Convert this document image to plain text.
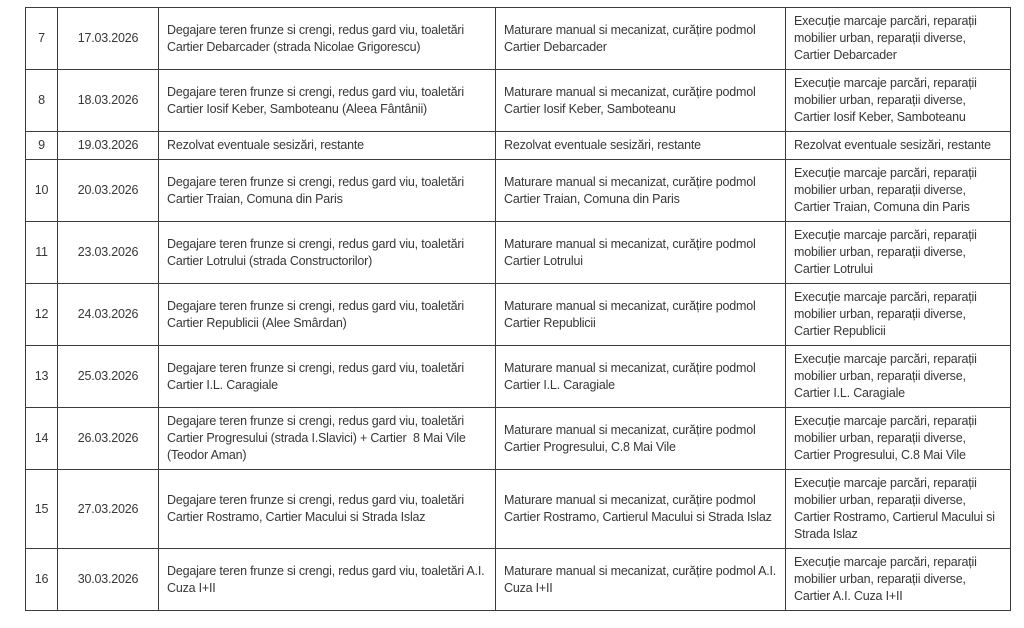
7	17.03.2026	Degajare teren frunze si crengi, redus gard viu, toaletări Cartier Debarcader (strada Nicolae Grigorescu)	Maturare manual si mecanizat, curățire podmol Cartier Debarcader	Execuție marcaje parcări, reparații mobilier urban, reparații diverse, Cartier Debarcader
8	18.03.2026	Degajare teren frunze si crengi, redus gard viu, toaletări Cartier Iosif Keber, Samboteanu (Aleea Fântânii)	Maturare manual si mecanizat, curățire podmol Cartier Iosif Keber, Samboteanu	Execuție marcaje parcări, reparații mobilier urban, reparații diverse, Cartier Iosif Keber, Samboteanu
9	19.03.2026	Rezolvat eventuale sesizări, restante	Rezolvat eventuale sesizări, restante	Rezolvat eventuale sesizări, restante
10	20.03.2026	Degajare teren frunze si crengi, redus gard viu, toaletări Cartier Traian, Comuna din Paris	Maturare manual si mecanizat, curățire podmol Cartier Traian, Comuna din Paris	Execuție marcaje parcări, reparații mobilier urban, reparații diverse, Cartier Traian, Comuna din Paris
11	23.03.2026	Degajare teren frunze si crengi, redus gard viu, toaletări Cartier Lotrului (strada Constructorilor)	Maturare manual si mecanizat, curățire podmol Cartier Lotrului	Execuție marcaje parcări, reparații mobilier urban, reparații diverse, Cartier Lotrului
12	24.03.2026	Degajare teren frunze si crengi, redus gard viu, toaletări Cartier Republicii (Alee Smârdan)	Maturare manual si mecanizat, curățire podmol Cartier Republicii	Execuție marcaje parcări, reparații mobilier urban, reparații diverse, Cartier Republicii
13	25.03.2026	Degajare teren frunze si crengi, redus gard viu, toaletări Cartier I.L. Caragiale	Maturare manual si mecanizat, curățire podmol Cartier I.L. Caragiale	Execuție marcaje parcări, reparații mobilier urban, reparații diverse, Cartier I.L. Caragiale
14	26.03.2026	Degajare teren frunze si crengi, redus gard viu, toaletări Cartier Progresului (strada I.Slavici) + Cartier  8 Mai Vile (Teodor Aman)	Maturare manual si mecanizat, curățire podmol Cartier Progresului, C.8 Mai Vile	Execuție marcaje parcări, reparații mobilier urban, reparații diverse, Cartier Progresului, C.8 Mai Vile
15	27.03.2026	Degajare teren frunze si crengi, redus gard viu, toaletări Cartier Rostramo, Cartier Macului si Strada Islaz	Maturare manual si mecanizat, curățire podmol Cartier Rostramo, Cartierul Macului si Strada Islaz	Execuție marcaje parcări, reparații mobilier urban, reparații diverse, Cartier Rostramo, Cartierul Macului si Strada Islaz
16	30.03.2026	Degajare teren frunze si crengi, redus gard viu, toaletări A.I. Cuza I+II	Maturare manual si mecanizat, curățire podmol A.I. Cuza I+II	Execuție marcaje parcări, reparații mobilier urban, reparații diverse, Cartier A.I. Cuza I+II
